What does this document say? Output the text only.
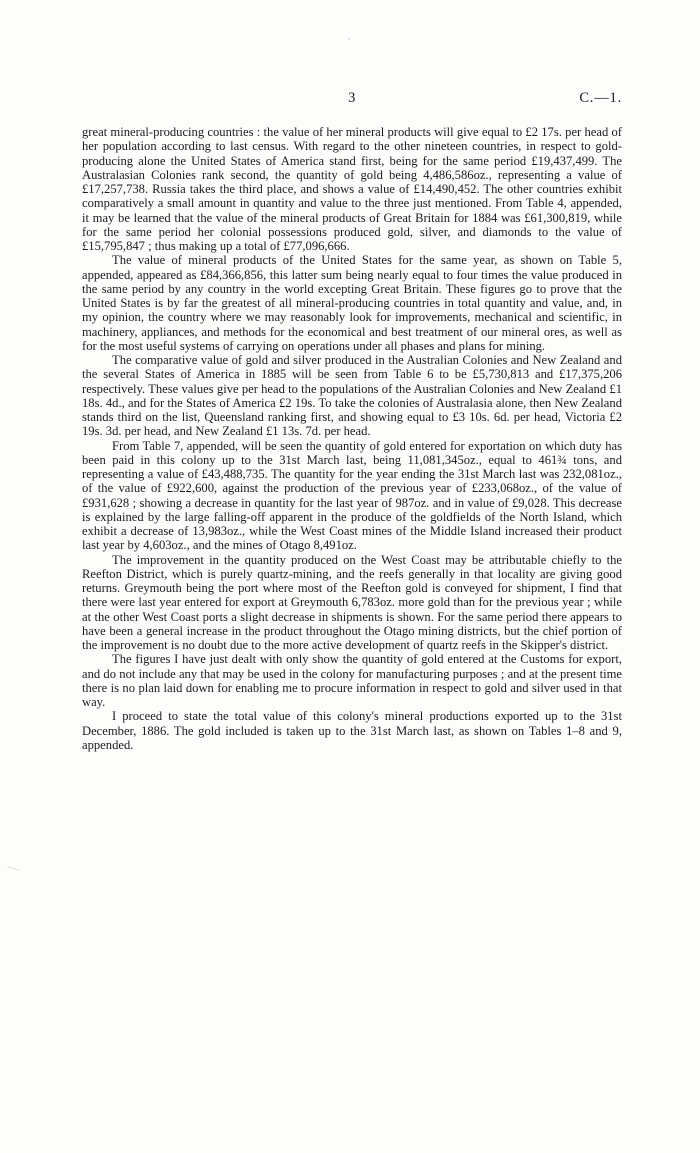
3	C.—1.

great mineral-producing countries : the value of her mineral products will give equal to £2 17s. per head of her population according to last census. With regard to the other nineteen countries, in respect to gold-producing alone the United States of America stand first, being for the same period £19,437,499. The Australasian Colonies rank second, the quantity of gold being 4,486,586oz., representing a value of £17,257,738. Russia takes the third place, and shows a value of £14,490,452. The other countries exhibit comparatively a small amount in quantity and value to the three just mentioned. From Table 4, appended, it may be learned that the value of the mineral products of Great Britain for 1884 was £61,300,819, while for the same period her colonial possessions produced gold, silver, and diamonds to the value of £15,795,847 ; thus making up a total of £77,096,666.

The value of mineral products of the United States for the same year, as shown on Table 5, appended, appeared as £84,366,856, this latter sum being nearly equal to four times the value produced in the same period by any country in the world excepting Great Britain. These figures go to prove that the United States is by far the greatest of all mineral-producing countries in total quantity and value, and, in my opinion, the country where we may reasonably look for improvements, mechanical and scientific, in machinery, appliances, and methods for the economical and best treatment of our mineral ores, as well as for the most useful systems of carrying on operations under all phases and plans for mining.

The comparative value of gold and silver produced in the Australian Colonies and New Zealand and the several States of America in 1885 will be seen from Table 6 to be £5,730,813 and £17,375,206 respectively. These values give per head to the populations of the Australian Colonies and New Zealand £1 18s. 4d., and for the States of America £2 19s. To take the colonies of Australasia alone, then New Zealand stands third on the list, Queensland ranking first, and showing equal to £3 10s. 6d. per head, Victoria £2 19s. 3d. per head, and New Zealand £1 13s. 7d. per head.

From Table 7, appended, will be seen the quantity of gold entered for exportation on which duty has been paid in this colony up to the 31st March last, being 11,081,345oz., equal to 461¾ tons, and representing a value of £43,488,735. The quantity for the year ending the 31st March last was 232,081oz., of the value of £922,600, against the production of the previous year of £233,068oz., of the value of £931,628 ; showing a decrease in quantity for the last year of 987oz. and in value of £9,028. This decrease is explained by the large falling-off apparent in the produce of the goldfields of the North Island, which exhibit a decrease of 13,983oz., while the West Coast mines of the Middle Island increased their product last year by 4,603oz., and the mines of Otago 8,491oz.

The improvement in the quantity produced on the West Coast may be attributable chiefly to the Reefton District, which is purely quartz-mining, and the reefs generally in that locality are giving good returns. Greymouth being the port where most of the Reefton gold is conveyed for shipment, I find that there were last year entered for export at Greymouth 6,783oz. more gold than for the previous year ; while at the other West Coast ports a slight decrease in shipments is shown. For the same period there appears to have been a general increase in the product throughout the Otago mining districts, but the chief portion of the improvement is no doubt due to the more active development of quartz reefs in the Skipper's district.

The figures I have just dealt with only show the quantity of gold entered at the Customs for export, and do not include any that may be used in the colony for manufacturing purposes ; and at the present time there is no plan laid down for enabling me to procure information in respect to gold and silver used in that way.

I proceed to state the total value of this colony's mineral productions exported up to the 31st December, 1886. The gold included is taken up to the 31st March last, as shown on Tables 1–8 and 9, appended.
